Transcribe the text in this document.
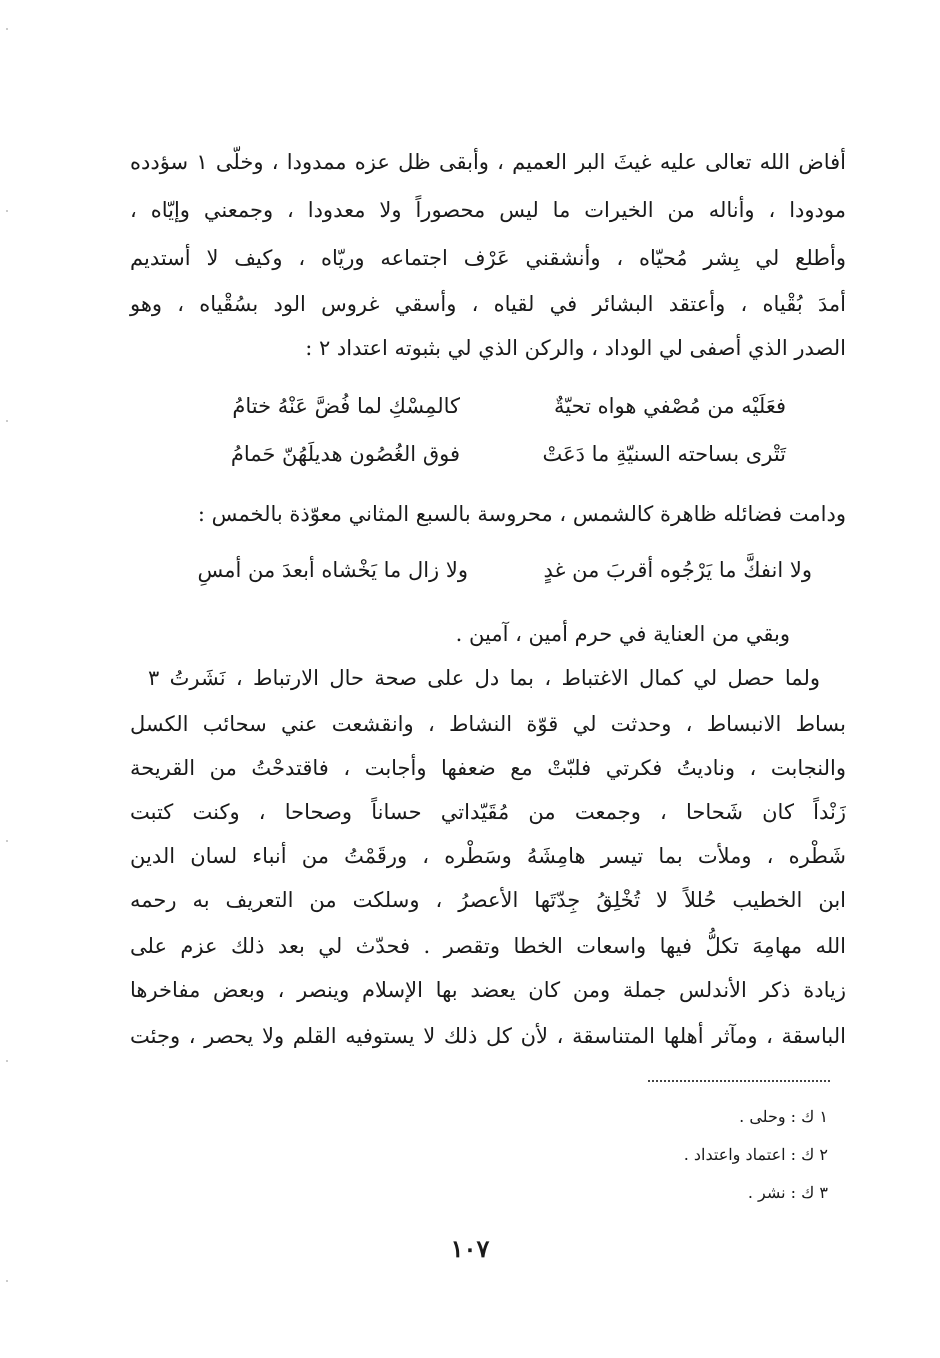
أفاض الله تعالى عليه غيثَ البر العميم ، وأبقى ظل عزه ممدودا ، وخلّى ١ سؤدده
مودودا ، وأناله من الخيرات ما ليس محصوراً ولا معدودا ، وجمعني وإيّاه ،
وأطلع لي بِشر مُحيّاه ، وأنشقني عَرْف اجتماعه وريّاه ، وكيف لا أستديم
أمدَ بُقْياه ، وأعتقد البشائر في لقياه ، وأسقي غروس الود بسُقْياه ، وهو
الصدر الذي أصفى لي الوداد ، والركن الذي لي بثبوته اعتداد ٢ :
فعَلَيْه من مُصْفي هواه تحيّةٌ
كالمِسْكِ لما فُضَّ عَنْهُ ختامُ
تَتْرى بساحته السنيّةِ ما دَعَتْ
فوق الغُصُون هديلَهُنّ حَمامُ
ودامت فضائله ظاهرة كالشمس ، محروسة بالسبع المثاني معوّذة بالخمس :
ولا انفكَّ ما يَرْجُوه أقربَ من غدٍ
ولا زال ما يَخْشاه أبعدَ من أمسِ
وبقي من العناية في حرم أمين ، آمين .
ولما حصل لي كمال الاغتباط ، بما دل على صحة حال الارتباط ، نَشَرتُ ٣
بساط الانبساط ، وحدثت لي قوّة النشاط ، وانقشعت عني سحائب الكسل
والنجابت ، وناديتُ فكرتي فلبّتْ مع ضعفها وأجابت ، فاقتدحْتُ من القريحة
زَنْداً كان شَحاحا ، وجمعت من مُقَيّداتي حساناً وصحاحا ، وكنت كتبت
شَطْره ، وملأت بما تيسر هامِشَهُ وسَطْره ، ورقَمْتُ من أنباء لسان الدين
ابن الخطيب حُللاً لا تُخْلِقُ جِدّتَها الأعصرُ ، وسلكت من التعريف به رحمه
الله مهامِهَ تكلُّ فيها واسعات الخطا وتقصر . فحدّث لي بعد ذلك عزم على
زيادة ذكر الأندلس جملة ومن كان يعضد بها الإسلام وينصر ، وبعض مفاخرها
الباسقة ، ومآثر أهلها المتناسقة ، لأن كل ذلك لا يستوفيه القلم ولا يحصر ، وجئت
١ ك : وحلى .
٢ ك : اعتماد واعتداد .
٣ ك : نشر .
١٠٧
